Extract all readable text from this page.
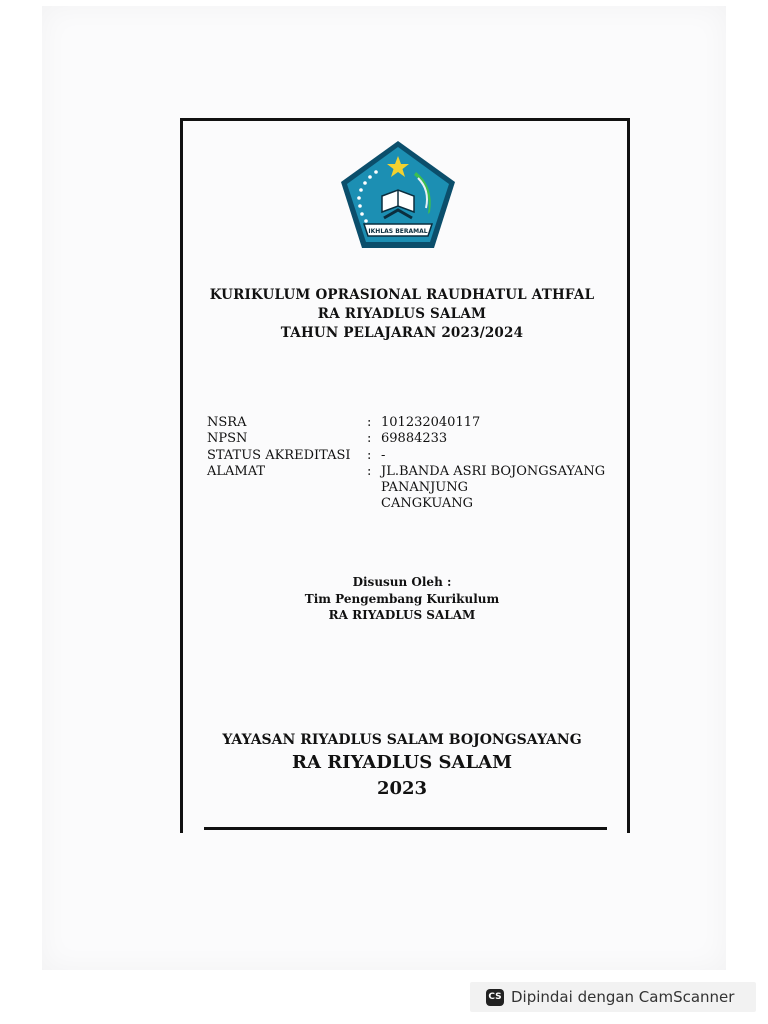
IKHLAS BERAMAL
KURIKULUM OPRASIONAL RAUDHATUL ATHFAL
RA RIYADLUS SALAM
TAHUN PELAJARAN 2023/2024
NSRA	: 101232040117
NPSN	: 69884233
STATUS AKREDITASI : -
ALAMAT	: JL.BANDA ASRI BOJONGSAYANG
PANANJUNG
CANGKUANG
Disusun Oleh :
Tim Pengembang Kurikulum
RA RIYADLUS SALAM
YAYASAN RIYADLUS SALAM BOJONGSAYANG
RA RIYADLUS SALAM
2023
CS Dipindai dengan CamScanner
